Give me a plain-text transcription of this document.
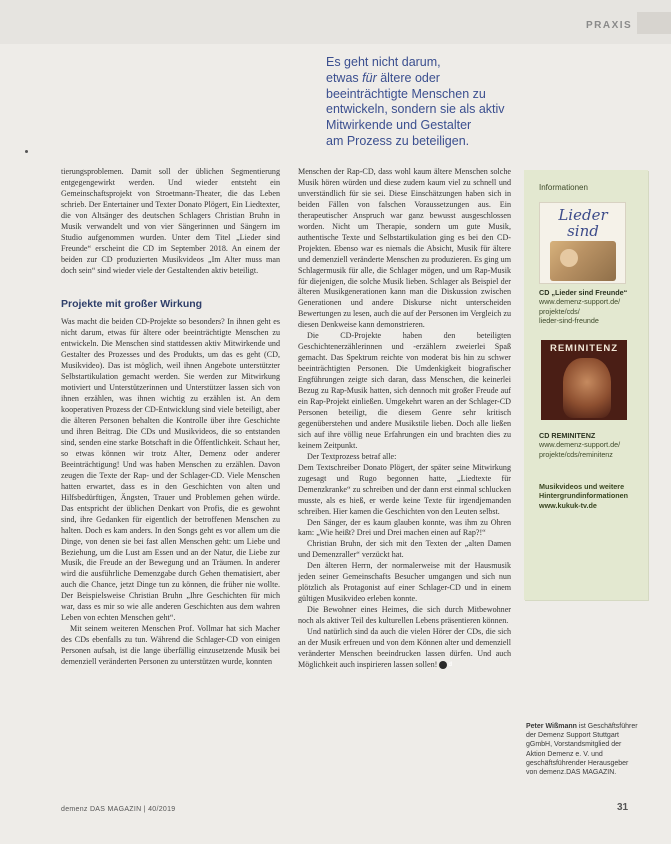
PRAXIS
Es geht nicht darum,
etwas für ältere oder
beeinträchtigte Menschen zu
entwickeln, sondern sie als aktiv
Mitwirkende und Gestalter
am Prozess zu beteiligen.

tierungsproblemen. Damit soll der üblichen Segmentierung entgegengewirkt werden. Und wieder entsteht ein Gemeinschaftsprojekt von Stroetmann-Theater, die das Leben schrieb. Der Entertainer und Texter Donato Plögert, Ein Liedtexter, die von Altsänger des deutschen Schlagers Christian Bruhn in Musik verwandelt und von vier Sängerinnen und Sängern im Studio aufgenommen wurden. Unter dem Titel „Lieder sind Freunde“ erscheint die CD im September 2018. An einem der beiden zur CD produzierten Musikvideos „Im Alter muss man doch sein“ sind wieder viele der Gestaltenden aktiv beteiligt.

Projekte mit großer Wirkung

Was macht die beiden CD-Projekte so besonders? In ihnen geht es nicht darum, etwas für ältere oder beeinträchtigte Menschen zu entwickeln. Die Menschen sind stattdessen aktiv Mitwirkende und Gestalter des Prozesses und des Produkts, um das es geht (CD, Musikvideo). Das ist möglich, weil ihnen Angebote unterstützter Selbstartikulation gemacht werden. Sie werden zur Mitwirkung motiviert und Unterstützerinnen und Unterstützer lassen sich von ihnen erzählen, was ihnen wichtig zu erzählen ist. An dem kooperativen Prozess der CD-Entwicklung sind viele beteiligt, aber die älteren Personen behalten die Kontrolle über ihre Geschichte und ihren Beitrag. Die CDs und Musikvideos, die so entstanden sind, senden eine starke Botschaft in die Öffentlichkeit. Schaut her, so etwas können wir trotz Alter, Demenz oder anderer Beeinträchtigung! Und was haben Menschen zu erzählen. Davon zeugen die Texte der Rap- und der Schlager-CD. Viele Menschen hatten erwartet, dass es in den Geschichten von alten und Hilfsbedürftigen, Ängsten, Trauer und Problemen gehen würde. Das entspricht der üblichen Denkart von Profis, die es gewohnt sind, ihre Gedanken für eigentlich der betroffenen Menschen zu halten. Doch es kam anders. In den Songs geht es vor allem um die Dinge, von denen sie bei fast allen Menschen geht: um Liebe und Beziehung, um die Lust am Essen und an der Natur, die Liebe zur Musik, die Freude an der Bewegung und an Träumen. In anderer wird die ausführliche Demenzgabe durch Gehen thematisiert, aber auch die Chance, jetzt Dinge tun zu können, die früher nie wollte. Der Beispielsweise Christian Bruhn „Ihre Geschichten für mich war, dass es mir so wie alle anderen Geschichten aus dem wahren Leben von echten Menschen geht“.

Mit seinem weiteren Menschen Prof. Vollmar hat sich Macher des CDs ebenfalls zu tun. Während die Schlager-CD von einigen Personen aufsah, ist die lange überfällig einzusetzende Musik bei demenziell veränderten Personen zu unterstützen wurde, konnten

Menschen der Rap-CD, dass wohl kaum ältere Menschen solche Musik hören würden und diese zudem kaum viel zu schnell und unverständlich für sie sei. Diese Einschätzungen haben sich in beiden Fällen von falschen Voraussetzungen aus. Ein therapeutischer Anspruch war ganz bewusst ausgeschlossen worden. Nicht um Therapie, sondern um gute Musik, authentische Texte und Selbstartikulation ging es bei den CD-Projekten. Ebenso war es niemals die Absicht, Musik für ältere und demenziell veränderte Menschen zu produzieren. Es ging um Schlagermusik für alle, die Schlager mögen, und um Rap-Musik für diejenigen, die solche Musik lieben. Schlager als Beispiel der älteren Musikgenerationen kann man die Diskussion zwischen Generationen und andere Diskurse nicht unterscheiden Bewertungen zu lesen, auch die auf der Personen im Vergleich zu diesen Denkweise kann demonstrieren.

Die CD-Projekte haben den beteiligten Geschichtenerzählerinnen und -erzählern zweierlei Spaß gemacht. Das Spektrum reichte von moderat bis hin zu schwer beeinträchtigten Personen. Die Umdenkigkeit biografischer Engführungen zeigte sich daran, dass Menschen, die keinerlei Bezug zu Rap-Musik hatten, sich dennoch mit großer Freude auf ein Rap-Projekt einließen. Umgekehrt waren an der Schlager-CD Personen beteiligt, die diesem Genre sehr kritisch gegenüberstehen und andere Musikstile lieben. Doch alle ließen sich auf ihre völlig neue Erfahrungen ein und brachten dies zu keinem Zeitpunkt.

Der Textprozess betraf alle:

Dem Textschreiber Donato Plögert, der später seine Mitwirkung zugesagt und Rugo begonnen hatte, „Liedtexte für Demenzkranke“ zu schreiben und der dann erst einmal schlucken musste, als es hieß, er werde keine Texte für irgendjemanden schreiben. Hier kamen die Geschichten von den Leuten selbst.

Den Sänger, der es kaum glauben konnte, was ihm zu Ohren kam: „Wie heißt? Drei und Drei machen einen auf Rap?!“

Christian Bruhn, der sich mit den Texten der „alten Damen und Demenzraller“ verzückt hat.

Den älteren Herrn, der normalerweise mit der Hausmusik jeden seiner Gemeinschafts Besucher umgangen und sich nun plötzlich als Protagonist auf einer Schlager-CD und in einem gültigen Musikvideo erleben konnte.

Die Bewohner eines Heimes, die sich durch Mitbewohner noch als aktiver Teil des kulturellen Lebens präsentieren können.

Und natürlich sind da auch die vielen Hörer der CDs, die sich an der Musik erfreuen und von dem Können alter und demenziell veränderter Menschen beeindrucken lassen dürfen. Und auch Möglichkeit auch inspirieren lassen sollen! d

Informationen
Lieder sind
CD „Lieder sind Freunde“
www.demenz-support.de/
projekte/cds/
lieder-sind-freunde
REMINITENZ
CD REMINITENZ
www.demenz-support.de/
projekte/cds/reminitenz
Musikvideos und weitere
Hintergrundinformationen
www.kukuk-tv.de
Peter Wißmann ist Geschäftsführer der Demenz Support Stuttgart gGmbH, Vorstandsmitglied der Aktion Demenz e. V. und geschäftsführender Herausgeber von demenz.DAS MAGAZIN.
demenz DAS MAGAZIN | 40/2019	31
